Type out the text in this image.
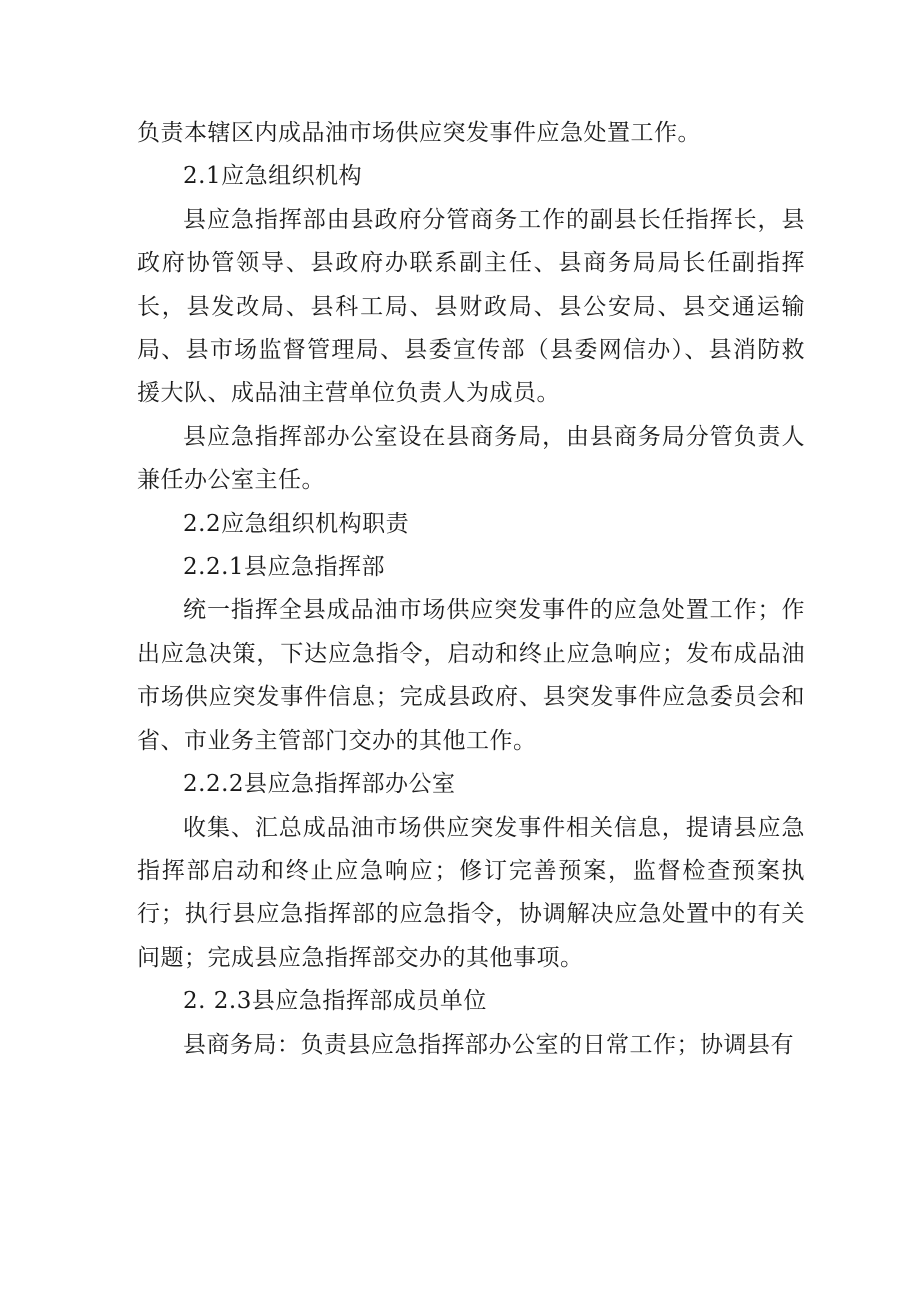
负责本辖区内成品油市场供应突发事件应急处置工作。

2.1应急组织机构

县应急指挥部由县政府分管商务工作的副县长任指挥长，县政府协管领导、县政府办联系副主任、县商务局局长任副指挥长，县发改局、县科工局、县财政局、县公安局、县交通运输局、县市场监督管理局、县委宣传部（县委网信办）、县消防救援大队、成品油主营单位负责人为成员。

县应急指挥部办公室设在县商务局，由县商务局分管负责人兼任办公室主任。

2.2应急组织机构职责

2.2.1县应急指挥部

统一指挥全县成品油市场供应突发事件的应急处置工作；作出应急决策，下达应急指令，启动和终止应急响应；发布成品油市场供应突发事件信息；完成县政府、县突发事件应急委员会和省、市业务主管部门交办的其他工作。

2.2.2县应急指挥部办公室

收集、汇总成品油市场供应突发事件相关信息，提请县应急指挥部启动和终止应急响应；修订完善预案，监督检查预案执行；执行县应急指挥部的应急指令，协调解决应急处置中的有关问题；完成县应急指挥部交办的其他事项。

2. 2.3县应急指挥部成员单位

县商务局：负责县应急指挥部办公室的日常工作；协调县有
